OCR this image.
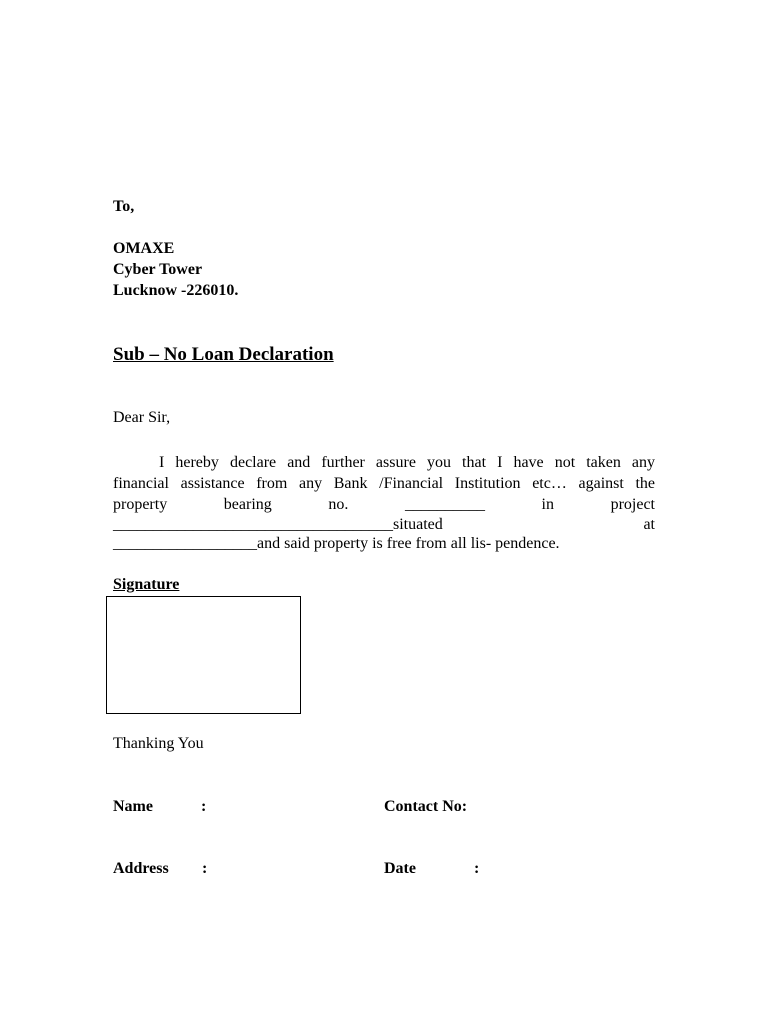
To,
OMAXE
Cyber Tower
Lucknow -226010.
Sub – No Loan Declaration
Dear Sir,
I hereby declare and further assure you that I have not taken any
financial assistance from any Bank /Financial Institution etc… against the
property bearing no. __________ in project
___________________________________situated at
__________________and said property is free from all lis- pendence.
Signature
Thanking You
Name	:	Contact No:
Address :	Date	:
